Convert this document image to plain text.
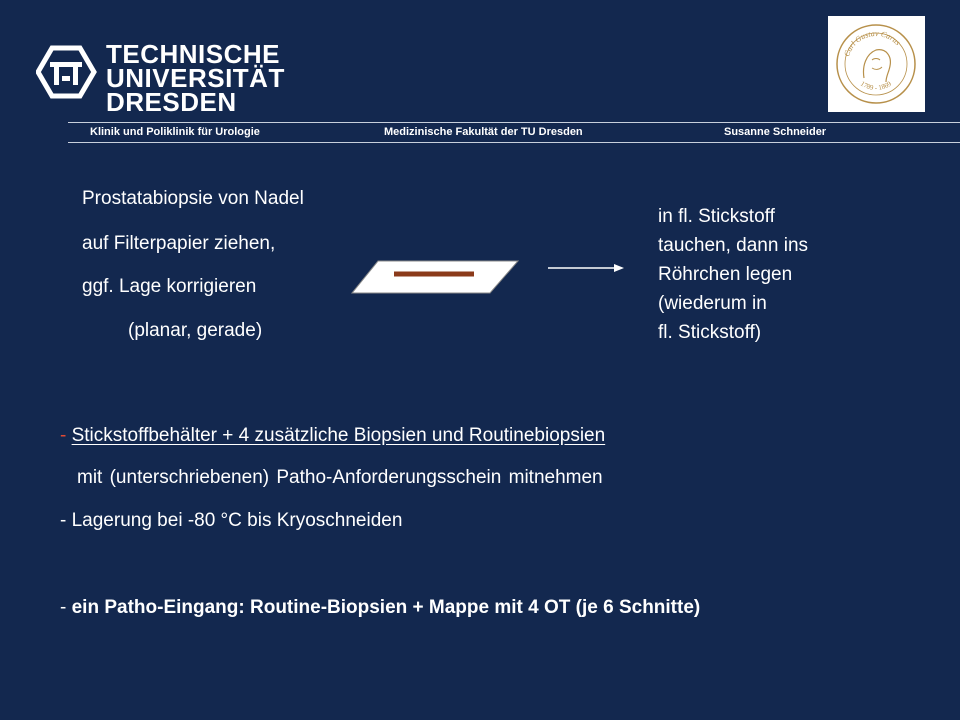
TECHNISCHE
UNIVERSITÄT
DRESDEN
Carl Gustav Carus
1789 - 1869
Klinik und Poliklinik für Urologie	Medizinische Fakultät der TU Dresden	Susanne Schneider
Prostatabiopsie von Nadel
auf Filterpapier ziehen,
ggf. Lage korrigieren
(planar, gerade)
in fl. Stickstoff
tauchen, dann ins
Röhrchen legen
(wiederum in
fl. Stickstoff)
- Stickstoffbehälter + 4 zusätzliche Biopsien und Routinebiopsien
mit (unterschriebenen) Patho-Anforderungsschein mitnehmen
- Lagerung bei -80 °C bis Kryoschneiden
- ein Patho-Eingang: Routine-Biopsien + Mappe mit 4 OT (je 6 Schnitte)
